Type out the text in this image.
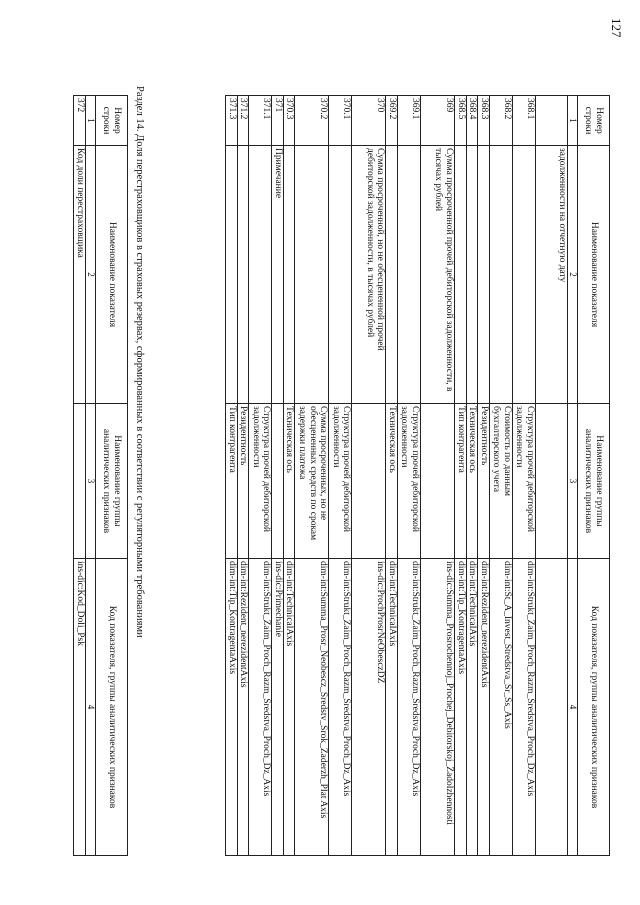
127
Номер строки	Наименование показателя	Наименование группы аналитических признаков	Код показателя, группы аналитических признаков
1	2	3	4
	задолженности на отчетную дату		
368.1		Структура прочей дебиторской задолженности	dim-int:Strukt_Zaim_Proch_Razm_Sredstva_Proch_Dz_Axis
368.2		Стоимость по данным бухгалтерского учета	dim-int:St_A_Invest_Stredstva_Sr_Ss_Axis
368.3		Резидентность	dim-int:Rezident_nerezidentAxis
368.4		Техническая ось	dim-int:TechnicalAxis
368.5		Тип контрагента	dim-int:Tip_KontragentaAxis
369	Сумма просроченной прочей дебиторской задолженности, в тысячах рублей		ins-dic:Summa_Prosrochennoj_Prochej_Debitorskoj_Zadolzhennosti
369.1		Структура прочей дебиторской задолженности	dim-int:Strukt_Zaim_Proch_Razm_Sredstva_Proch_Dz_Axis
369.2		Техническая ось	dim-int:TechnicalAxis
370	Сумма просроченной, но не обесцененной прочей дебиторской задолженности, в тысячах рублей		ins-dic:ProchProsrNeObesczDZ
370.1		Структура прочей дебиторской задолженности	dim-int:Strukt_Zaim_Proch_Razm_Sredstva_Proch_Dz_Axis
370.2		Сумма просроченных, но не обесцененных средств по срокам задержки платежа	dim-int:Summa_Prosr_Neobescz_Sredstv_Srok_Zaderzh_Plat Axis
370.3		Техническая ось	dim-int:TechnicalAxis
371	Примечание		ins-dic:Primechanie
371.1		Структура прочей дебиторской задолженности	dim-int:Strukt_Zaim_Proch_Razm_Sredstva_Proch_Dz_Axis
371.2		Резидентность	dim-int:Rezident_nerezidentAxis
371.3		Тип контрагента	dim-int:Tip_KontragentaAxis
Раздел 14. Доля перестраховщиков в страховых резервах, сформированных в соответствии с регуляторными требованиями
Номер строки	Наименование показателя	Наименование группы аналитических признаков	Код показателя, группы аналитических признаков
1	2	3	4
372	Код доли перестраховщика		ins-dic:Kod_Doli_Psk
